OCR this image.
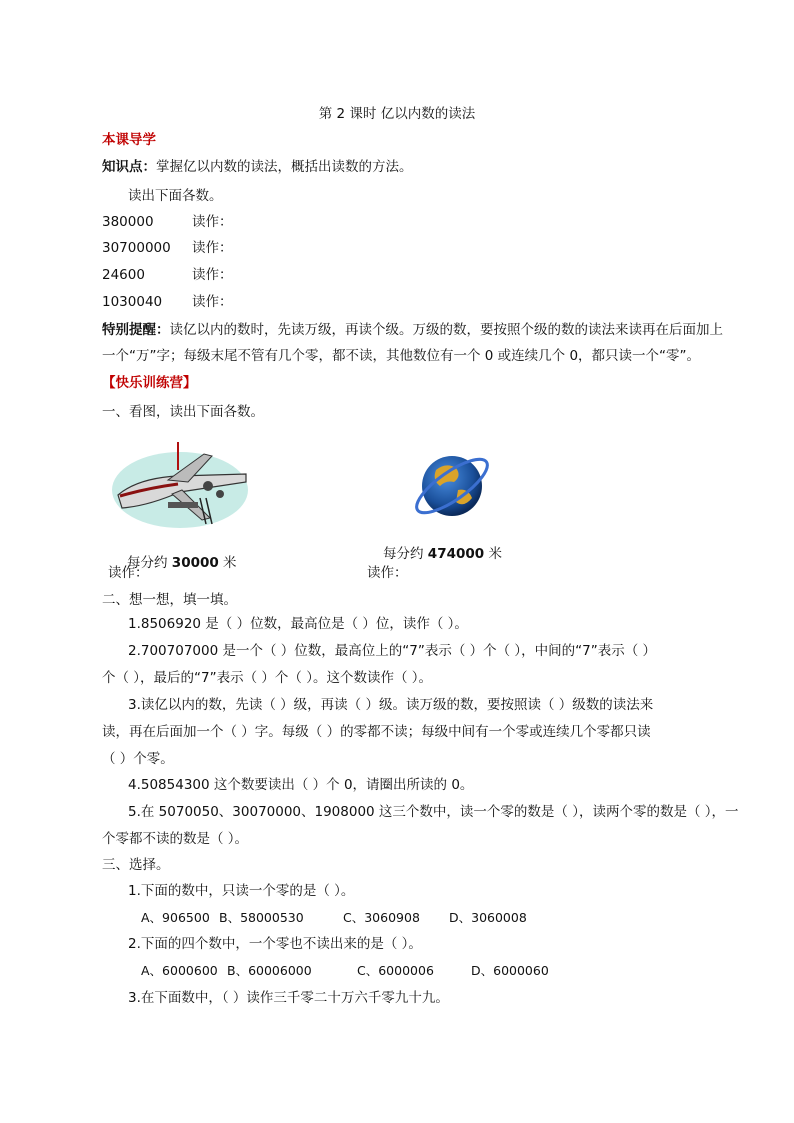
第 2 课时 亿以内数的读法
本课导学
知识点：掌握亿以内数的读法，概括出读数的方法。
读出下面各数。
380000	读作：
30700000 读作：
24600	读作：
1030040 读作：
特别提醒：读亿以内的数时，先读万级，再读个级。万级的数，要按照个级的数的读法来读再在后面加上
一个“万”字；每级末尾不管有几个零，都不读，其他数位有一个 0 或连续几个 0，都只读一个“零”。
【快乐训练营】
一、看图，读出下面各数。
每分约 30000 米
读作：
每分约 474000 米
读作：
二、想一想，填一填。
1.8506920 是（ ）位数，最高位是（ ）位，读作（ ）。
2.700707000 是一个（ ）位数，最高位上的“7”表示（ ）个（ ），中间的“7”表示（ ）
个（ ），最后的“7”表示（ ）个（ ）。这个数读作（ ）。
3.读亿以内的数，先读（ ）级，再读（ ）级。读万级的数，要按照读（ ）级数的读法来
读，再在后面加一个（ ）字。每级（ ）的零都不读；每级中间有一个零或连续几个零都只读
（ ）个零。
4.50854300 这个数要读出（ ）个 0，请圈出所读的 0。
5.在 5070050、30070000、1908000 这三个数中，读一个零的数是（ ），读两个零的数是（ ），一
个零都不读的数是（ ）。
三、选择。
1.下面的数中，只读一个零的是（ ）。
A、906500 B、58000530	C、3060908 D、3060008
2.下面的四个数中，一个零也不读出来的是（ ）。
A、6000600 B、60006000	C、6000006	D、6000060
3.在下面数中，（ ）读作三千零二十万六千零九十九。
